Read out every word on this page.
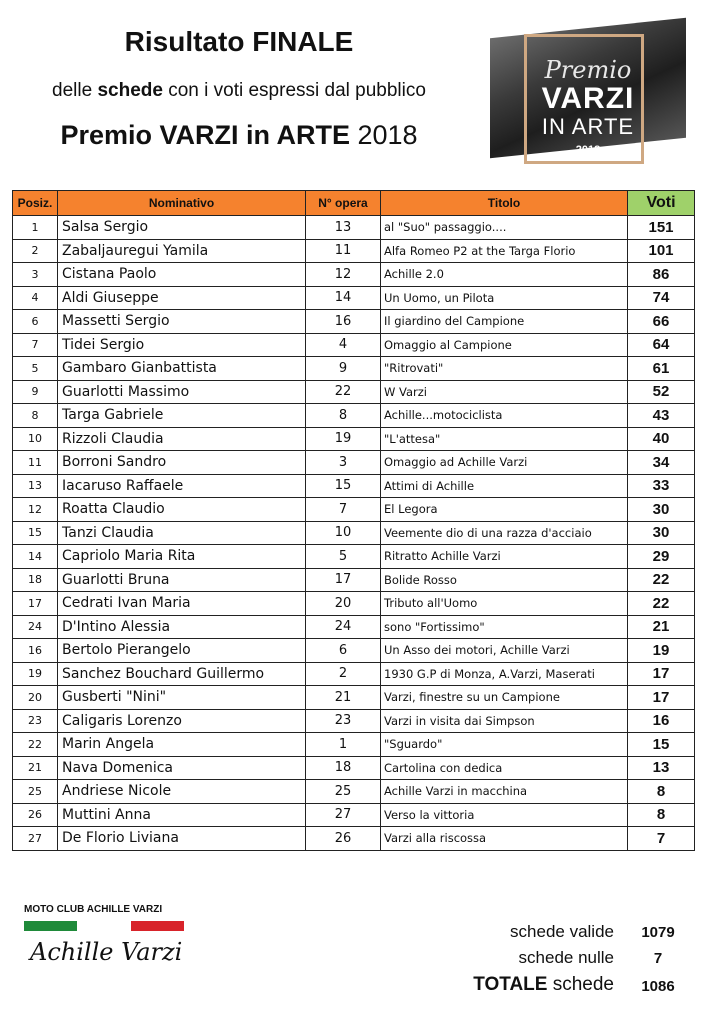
Risultato FINALE
delle schede con i voti espressi dal pubblico
Premio VARZI in ARTE 2018
Premio
VARZI
IN ARTE
2018
Posiz.	Nominativo	N° opera	Titolo	Voti
1	Salsa Sergio	13	al "Suo" passaggio....	151
2	Zabaljauregui Yamila	11	Alfa Romeo P2 at the Targa Florio	101
3	Cistana Paolo	12	Achille 2.0	86
4	Aldi Giuseppe	14	Un Uomo, un Pilota	74
6	Massetti Sergio	16	Il giardino del Campione	66
7	Tidei Sergio	4	Omaggio al Campione	64
5	Gambaro Gianbattista	9	"Ritrovati"	61
9	Guarlotti Massimo	22	W Varzi	52
8	Targa Gabriele	8	Achille...motociclista	43
10	Rizzoli Claudia	19	"L'attesa"	40
11	Borroni Sandro	3	Omaggio ad Achille Varzi	34
13	Iacaruso Raffaele	15	Attimi di Achille	33
12	Roatta Claudio	7	El Legora	30
15	Tanzi Claudia	10	Veemente dio di una razza d'acciaio	30
14	Capriolo Maria Rita	5	Ritratto Achille Varzi	29
18	Guarlotti Bruna	17	Bolide Rosso	22
17	Cedrati Ivan Maria	20	Tributo all'Uomo	22
24	D'Intino Alessia	24	sono "Fortissimo"	21
16	Bertolo Pierangelo	6	Un Asso dei motori, Achille Varzi	19
19	Sanchez Bouchard Guillermo	2	1930 G.P di Monza, A.Varzi, Maserati	17
20	Gusberti "Nini"	21	Varzi, finestre su un Campione	17
23	Caligaris Lorenzo	23	Varzi in visita dai Simpson	16
22	Marin Angela	1	"Sguardo"	15
21	Nava Domenica	18	Cartolina con dedica	13
25	Andriese Nicole	25	Achille Varzi in macchina	8
26	Muttini Anna	27	Verso la vittoria	8
27	De Florio Liviana	26	Varzi alla riscossa	7
MOTO CLUB ACHILLE VARZI
Achille Varzi
schede valide	1079
schede nulle	7
TOTALE schede	1086
